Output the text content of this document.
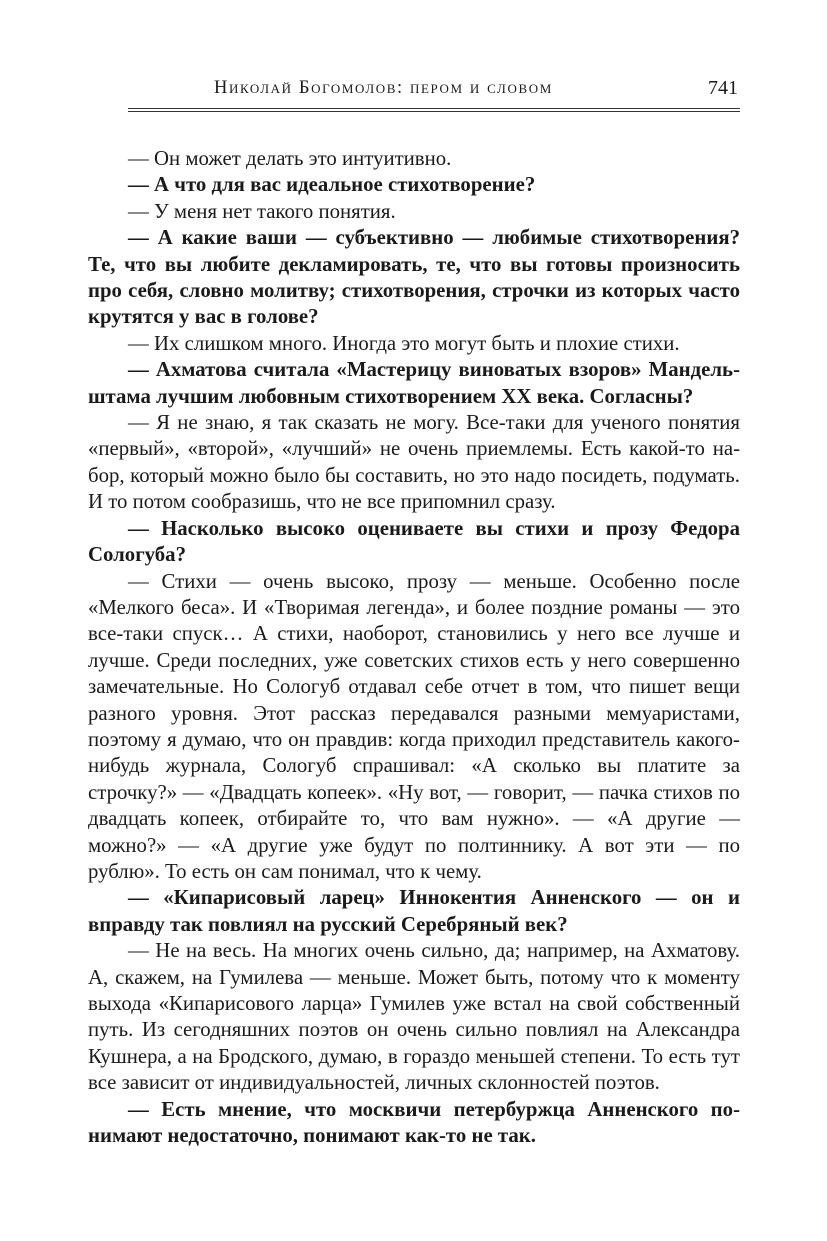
Николай Богомолов: пером и словом	741

— Он может делать это интуитивно.

— А что для вас идеальное стихотворение?

— У меня нет такого понятия.

— А какие ваши — субъективно — любимые стихотворения? Те, что вы любите декламировать, те, что вы готовы произносить про себя, словно молитву; стихотворения, строчки из которых часто крутятся у вас в голове?

— Их слишком много. Иногда это могут быть и плохие стихи.

— Ахматова считала «Мастерицу виноватых взоров» Мандельштама лучшим любовным стихотворением XX века. Согласны?

— Я не знаю, я так сказать не могу. Все-таки для ученого понятия «первый», «второй», «лучший» не очень приемлемы. Есть какой-то набор, который можно было бы составить, но это надо посидеть, подумать. И то потом сообразишь, что не все припомнил сразу.

— Насколько высоко оцениваете вы стихи и прозу Федора Сологуба?

— Стихи — очень высоко, прозу — меньше. Особенно после «Мелкого беса». И «Творимая легенда», и более поздние романы — это все-таки спуск… А стихи, наоборот, становились у него все лучше и лучше. Среди последних, уже советских стихов есть у него совершенно замечательные. Но Сологуб отдавал себе отчет в том, что пишет вещи разного уровня. Этот рассказ передавался разными мемуаристами, поэтому я думаю, что он правдив: когда приходил представитель какого-нибудь журнала, Сологуб спрашивал: «А сколько вы платите за строчку?» — «Двадцать копеек». «Ну вот, — говорит, — пачка стихов по двадцать копеек, отбирайте то, что вам нужно». — «А другие — можно?» — «А другие уже будут по полтиннику. А вот эти — по рублю». То есть он сам понимал, что к чему.

— «Кипарисовый ларец» Иннокентия Анненского — он и вправду так повлиял на русский Серебряный век?

— Не на весь. На многих очень сильно, да; например, на Ахматову. А, скажем, на Гумилева — меньше. Может быть, потому что к моменту выхода «Кипарисового ларца» Гумилев уже встал на свой собственный путь. Из сегодняшних поэтов он очень сильно повлиял на Александра Кушнера, а на Бродского, думаю, в гораздо меньшей степени. То есть тут все зависит от индивидуальностей, личных склонностей поэтов.

— Есть мнение, что москвичи петербуржца Анненского понимают недостаточно, понимают как-то не так.
